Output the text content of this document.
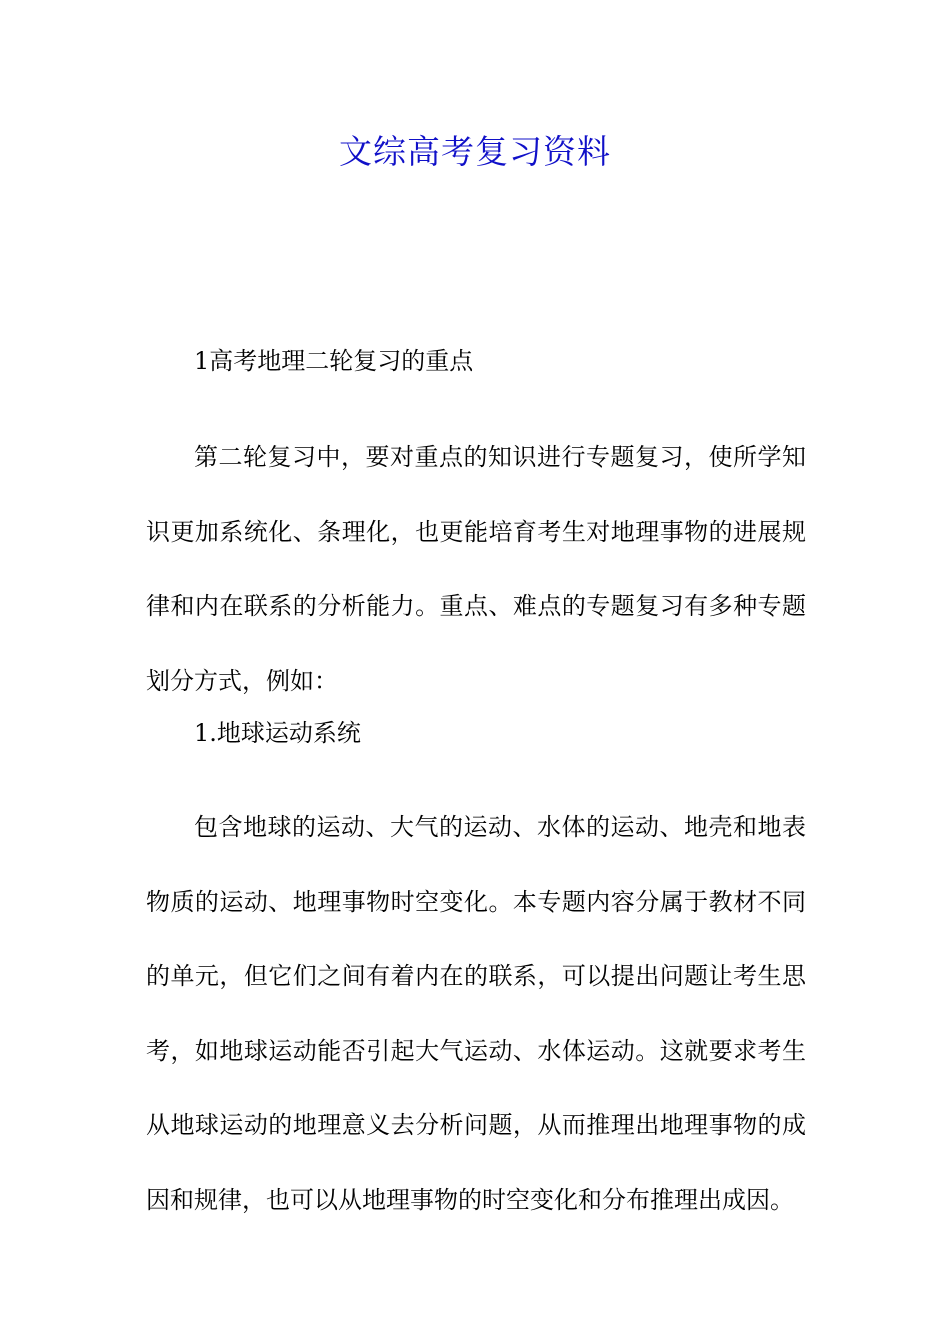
文综高考复习资料

1高考地理二轮复习的重点

第二轮复习中，要对重点的知识进行专题复习，使所学知识更加系统化、条理化，也更能培育考生对地理事物的进展规律和内在联系的分析能力。重点、难点的专题复习有多种专题划分方式，例如：

1.地球运动系统

包含地球的运动、大气的运动、水体的运动、地壳和地表物质的运动、地理事物时空变化。本专题内容分属于教材不同的单元，但它们之间有着内在的联系，可以提出问题让考生思考，如地球运动能否引起大气运动、水体运动。这就要求考生从地球运动的地理意义去分析问题，从而推理出地理事物的成因和规律，也可以从地理事物的时空变化和分布推理出成因。
